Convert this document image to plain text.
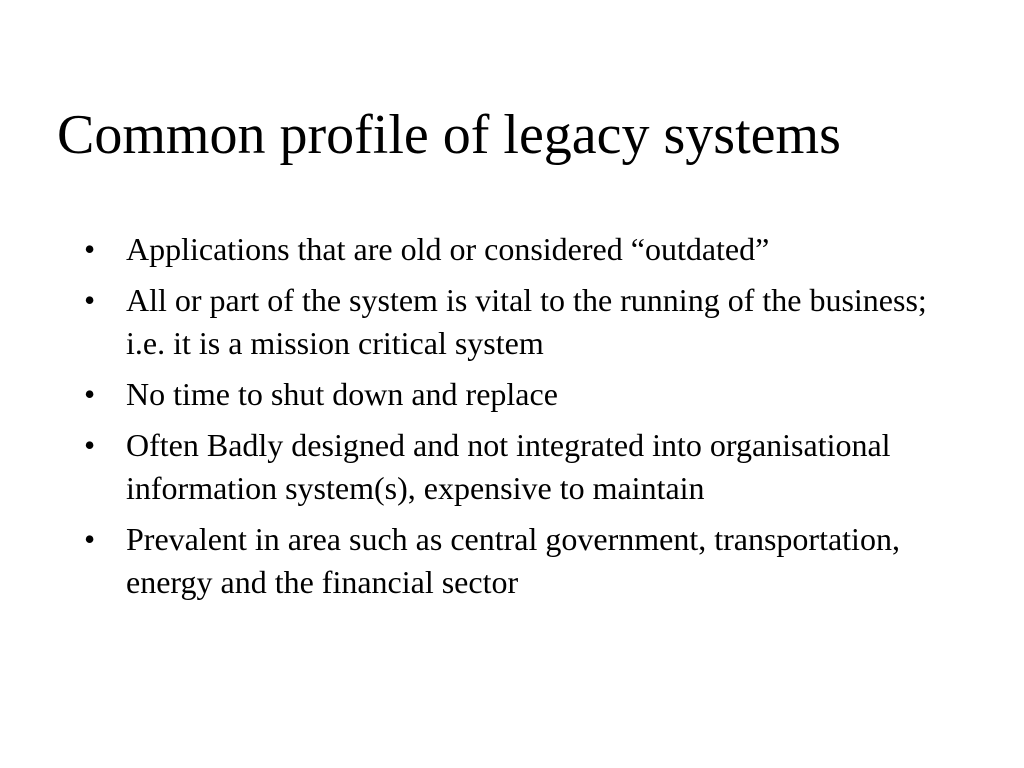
Common profile of legacy systems
• Applications that are old or considered “outdated”
• All or part of the system is vital to the running of the business; i.e. it is a mission critical system
• No time to shut down and replace
• Often Badly designed and not integrated into organisational information system(s), expensive to maintain
• Prevalent in area such as central government, transportation, energy and the financial sector
